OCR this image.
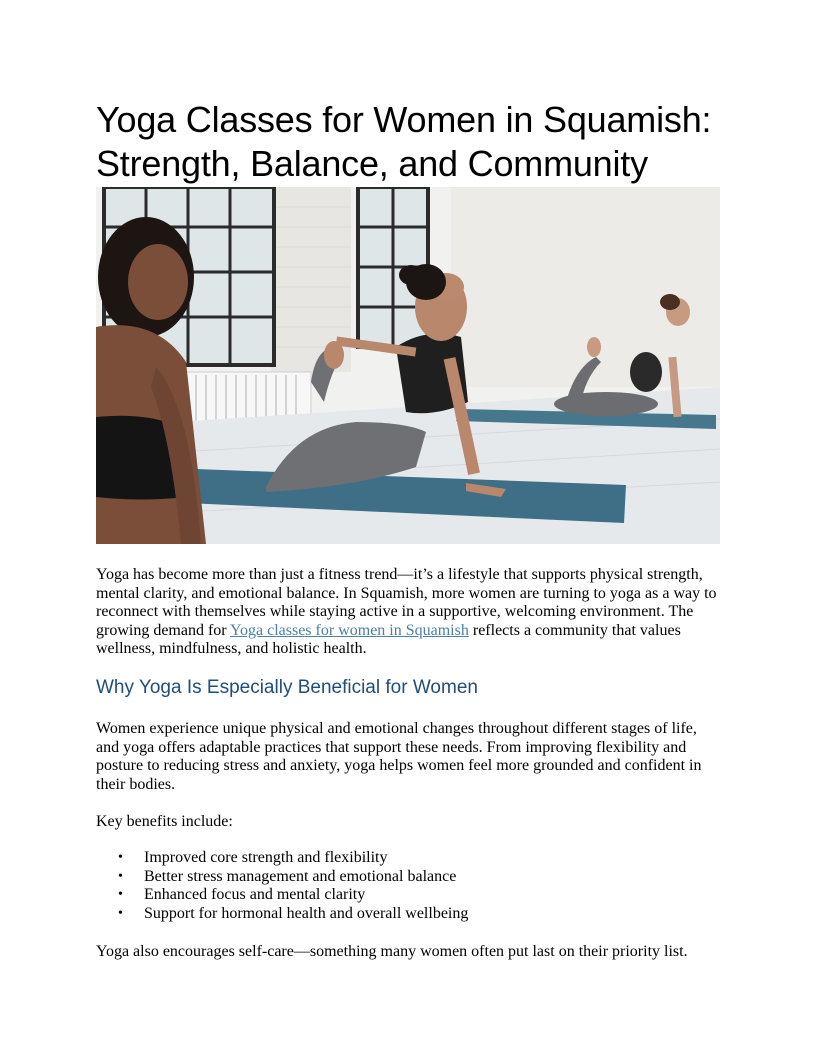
Yoga Classes for Women in Squamish:
Strength, Balance, and Community

Yoga has become more than just a fitness trend—it’s a lifestyle that supports physical strength, mental clarity, and emotional balance. In Squamish, more women are turning to yoga as a way to reconnect with themselves while staying active in a supportive, welcoming environment. The growing demand for Yoga classes for women in Squamish reflects a community that values wellness, mindfulness, and holistic health.

Why Yoga Is Especially Beneficial for Women

Women experience unique physical and emotional changes throughout different stages of life, and yoga offers adaptable practices that support these needs. From improving flexibility and posture to reducing stress and anxiety, yoga helps women feel more grounded and confident in their bodies.

Key benefits include:

• Improved core strength and flexibility
• Better stress management and emotional balance
• Enhanced focus and mental clarity
• Support for hormonal health and overall wellbeing

Yoga also encourages self-care—something many women often put last on their priority list.
